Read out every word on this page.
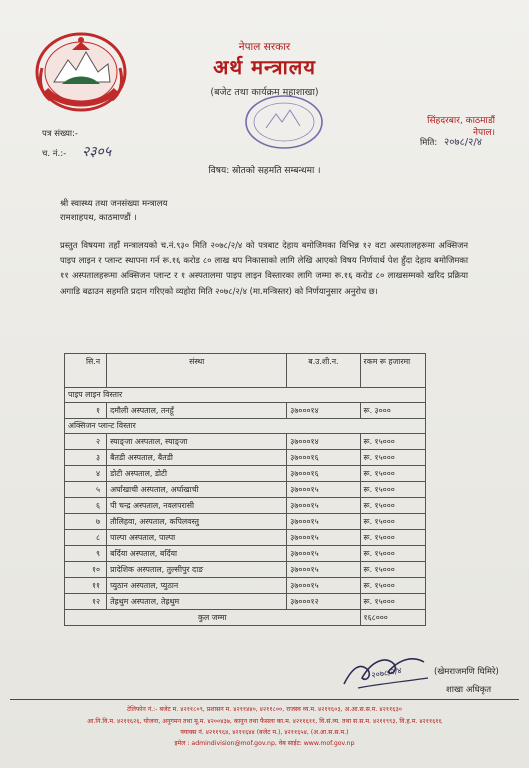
नेपाल सरकार
अर्थ मन्त्रालय
(बजेट तथा कार्यक्रम महाशाखा)
सिंहदरबार, काठमाडौं
नेपाल।
मिति: २०७८/२/४
पत्र संख्या:-
च. नं.:- २३०५
विषय: स्रोतको सहमति सम्बन्धमा ।
श्री स्वास्थ्य तथा जनसंख्या मन्त्रालय
रामशाहपथ, काठमाण्डौं ।
प्रस्तुत विषयमा तहाँ मन्त्रालयको च.नं.९३० मिति २०७८/२/४ को पत्रबाट देहाय बमोजिमका विभिन्न १२ वटा अस्पतालहरूमा अक्सिजन पाइप लाइन र प्लान्ट स्थापना गर्न रू.१६ करोड ८० लाख थप निकासाको लागि लेखि आएको विषय निर्णयार्थ पेश हुँदा देहाय बमोजिमका ११ अस्पतालहरूमा अक्सिजन प्लान्ट र १ अस्पतालमा पाइप लाइन विस्तारका लागि जम्मा रू.१६ करोड ८० लाखसम्मको खरिद प्रक्रिया अगाडि बढाउन सहमति प्रदान गरिएको व्यहोरा मिति २०७८/२/४ (मा.मन्त्रिस्तर) को निर्णयानुसार अनुरोध छ।
सि.न	संस्था	ब.उ.शी.न.	रकम रू हजारमा
पाइप लाइन विस्तार			
१	दमौली अस्पताल, तनहूँ	३७०००१४	रू. ३०००
अक्सिजन प्लान्ट विस्तार			
२	स्याङ्जा अस्पताल, स्याङ्जा	३७०००१४	रू. १५०००
३	बैतडी अस्पताल, बैतडी	३७०००१६	रू. १५०००
४	डोटी अस्पताल, डोटी	३७०००१६	रू. १५०००
५	अर्घाखाची अस्पताल, अर्घाखाची	३७०००१५	रू. १५०००
६	पी चन्द्र अस्पताल, नवलपरासी	३७०००१५	रू. १५०००
७	तौलिहवा, अस्पताल, कपिलवस्तु	३७०००१५	रू. १५०००
८	पाल्पा अस्पताल, पाल्पा	३७०००१५	रू. १५०००
९	बर्दिया अस्पताल, बर्दिया	३७०००१५	रू. १५०००
१०	प्रादेशिक अस्पताल, तुल्सीपुर दाङ	३७०००१५	रू. १५०००
११	प्युठान अस्पताल, प्युठान	३७०००१५	रू. १५०००
१२	तेह्रथुम अस्पताल, तेह्रथुम	३७०००१२	रू. १५०००
कुल जम्मा			१६८०००
२०७८/२/४	(खेमराजमणि घिमिरे)
शाखा अधिकृत
टेलिफोन नं.:- बजेट म. ४२११८०९, प्रशासन म. ४२११४४०, ४२११८००, राजस्व व्य.म. ४२११६०३, अ.आ.स.स.म. ४२११६३०
आ.नि.वि.म. ४२११६२६, योजना, अनुगमन तथा मू.म. ४२००४३७, कानुन तथा फैसला का.म. ४२११६११, वि.सं.व्य. तथा स.स.म. ४२११९९३, वि.ह.म. ४२११६१६
फ्याक्स नं. ४२११९६४, ४२११६४४ (बजेट म.), ४२११६५४, (अ.आ.स.स.म.)
इमेल : admindivision@mof.gov.np, वेब साईट: www.mof.gov.np
